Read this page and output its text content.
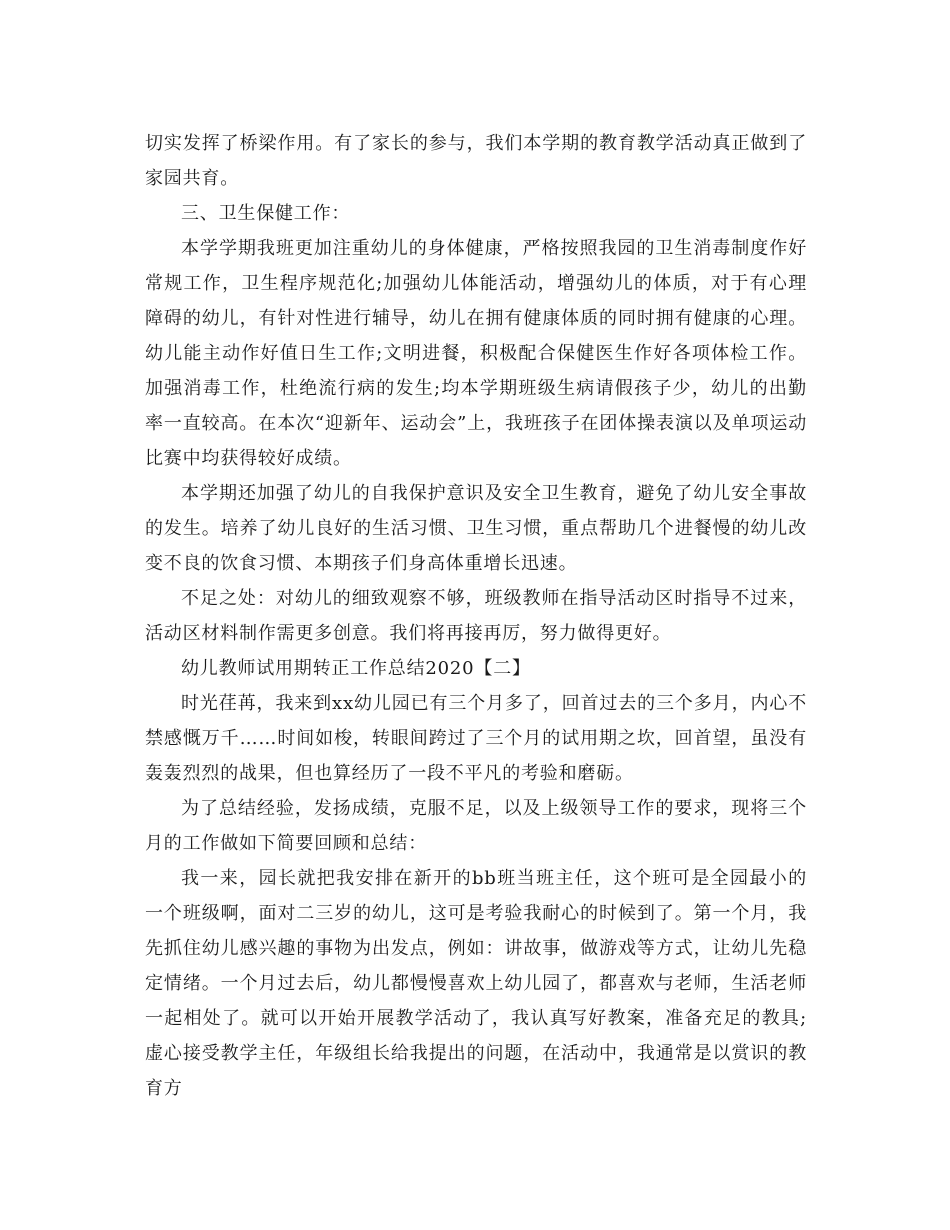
切实发挥了桥梁作用。有了家长的参与，我们本学期的教育教学活动真正做到了家园共育。

三、卫生保健工作：

本学学期我班更加注重幼儿的身体健康，严格按照我园的卫生消毒制度作好常规工作，卫生程序规范化;加强幼儿体能活动，增强幼儿的体质，对于有心理障碍的幼儿，有针对性进行辅导，幼儿在拥有健康体质的同时拥有健康的心理。幼儿能主动作好值日生工作;文明进餐，积极配合保健医生作好各项体检工作。加强消毒工作，杜绝流行病的发生;均本学期班级生病请假孩子少，幼儿的出勤率一直较高。在本次“迎新年、运动会”上，我班孩子在团体操表演以及单项运动比赛中均获得较好成绩。

本学期还加强了幼儿的自我保护意识及安全卫生教育，避免了幼儿安全事故的发生。培养了幼儿良好的生活习惯、卫生习惯，重点帮助几个进餐慢的幼儿改变不良的饮食习惯、本期孩子们身高体重增长迅速。

不足之处：对幼儿的细致观察不够，班级教师在指导活动区时指导不过来，活动区材料制作需更多创意。我们将再接再厉，努力做得更好。

幼儿教师试用期转正工作总结2020【二】

时光荏苒，我来到xx幼儿园已有三个月多了，回首过去的三个多月，内心不禁感慨万千……时间如梭，转眼间跨过了三个月的试用期之坎，回首望，虽没有轰轰烈烈的战果，但也算经历了一段不平凡的考验和磨砺。

为了总结经验，发扬成绩，克服不足，以及上级领导工作的要求，现将三个月的工作做如下简要回顾和总结：

我一来，园长就把我安排在新开的bb班当班主任，这个班可是全园最小的一个班级啊，面对二三岁的幼儿，这可是考验我耐心的时候到了。第一个月，我先抓住幼儿感兴趣的事物为出发点，例如：讲故事，做游戏等方式，让幼儿先稳定情绪。一个月过去后，幼儿都慢慢喜欢上幼儿园了，都喜欢与老师，生活老师一起相处了。就可以开始开展教学活动了，我认真写好教案，准备充足的教具;虚心接受教学主任，年级组长给我提出的问题，在活动中，我通常是以赏识的教育方
